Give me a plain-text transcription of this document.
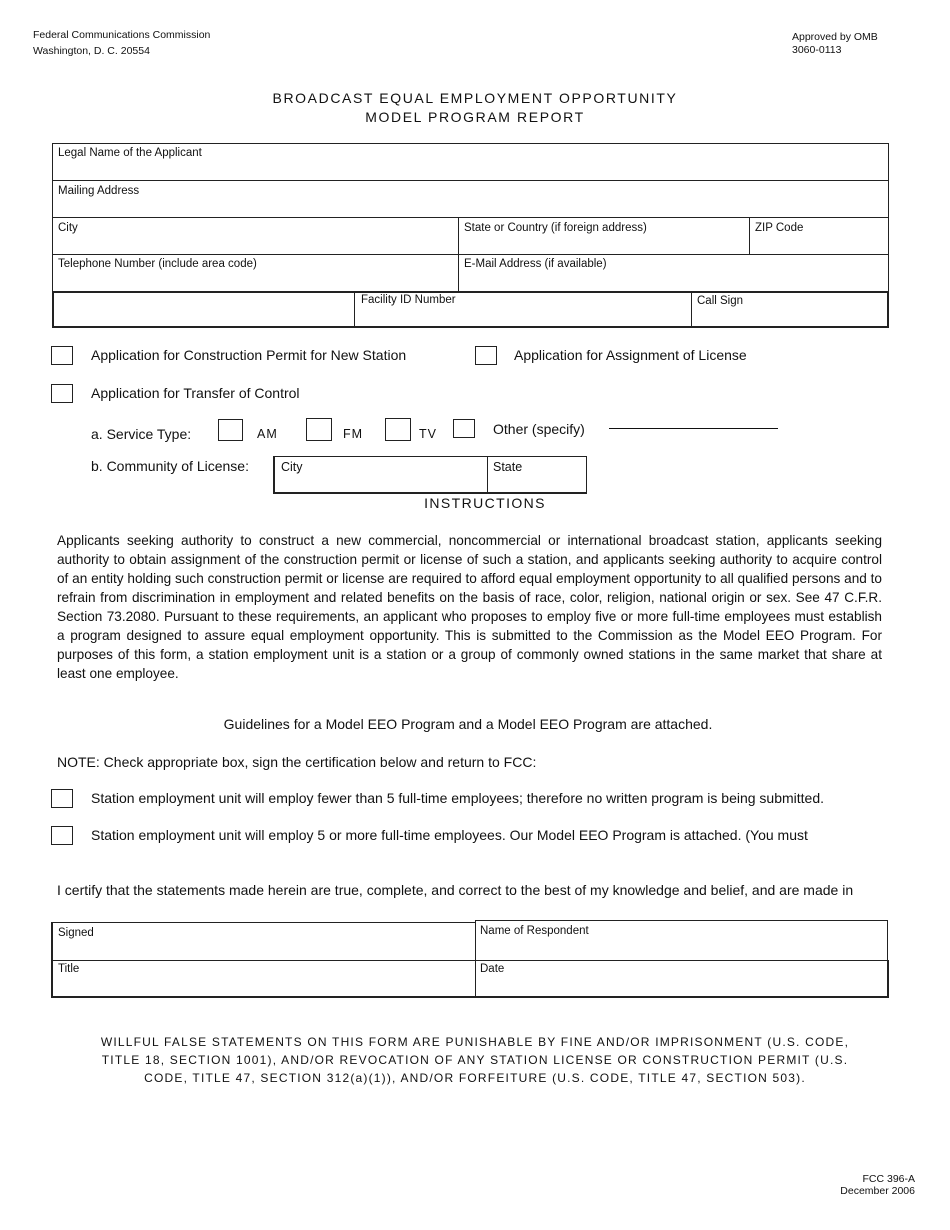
Federal Communications Commission
Washington, D. C. 20554
Approved by OMB
3060-0113
BROADCAST EQUAL EMPLOYMENT OPPORTUNITY
MODEL PROGRAM REPORT
Legal Name of the Applicant
Mailing Address
City	State or Country (if foreign address)	ZIP Code
Telephone Number (include area code)	E-Mail Address (if available)
Facility ID Number	Call Sign
Application for Construction Permit for New Station	Application for Assignment of License
Application for Transfer of Control
a. Service Type:	AM	FM	TV	Other (specify)
b. Community of License:	City	State
INSTRUCTIONS
Applicants seeking authority to construct a new commercial, noncommercial or international broadcast station, applicants seeking authority to obtain assignment of the construction permit or license of such a station, and applicants seeking authority to acquire control of an entity holding such construction permit or license are required to afford equal employment opportunity to all qualified persons and to refrain from discrimination in employment and related benefits on the basis of race, color, religion, national origin or sex. See 47 C.F.R. Section 73.2080. Pursuant to these requirements, an applicant who proposes to employ five or more full-time employees must establish a program designed to assure equal employment opportunity. This is submitted to the Commission as the Model EEO Program. For purposes of this form, a station employment unit is a station or a group of commonly owned stations in the same market that share at least one employee.
Guidelines for a Model EEO Program and a Model EEO Program are attached.
NOTE: Check appropriate box, sign the certification below and return to FCC:
Station employment unit will employ fewer than 5 full-time employees; therefore no written program is being submitted.
Station employment unit will employ 5 or more full-time employees. Our Model EEO Program is attached. (You must
I certify that the statements made herein are true, complete, and correct to the best of my knowledge and belief, and are made in
Signed	Name of Respondent
Title	Date
WILLFUL FALSE STATEMENTS ON THIS FORM ARE PUNISHABLE BY FINE AND/OR IMPRISONMENT (U.S. CODE,
TITLE 18, SECTION 1001), AND/OR REVOCATION OF ANY STATION LICENSE OR CONSTRUCTION PERMIT (U.S.
CODE, TITLE 47, SECTION 312(a)(1)), AND/OR FORFEITURE (U.S. CODE, TITLE 47, SECTION 503).
FCC 396-A
December 2006
